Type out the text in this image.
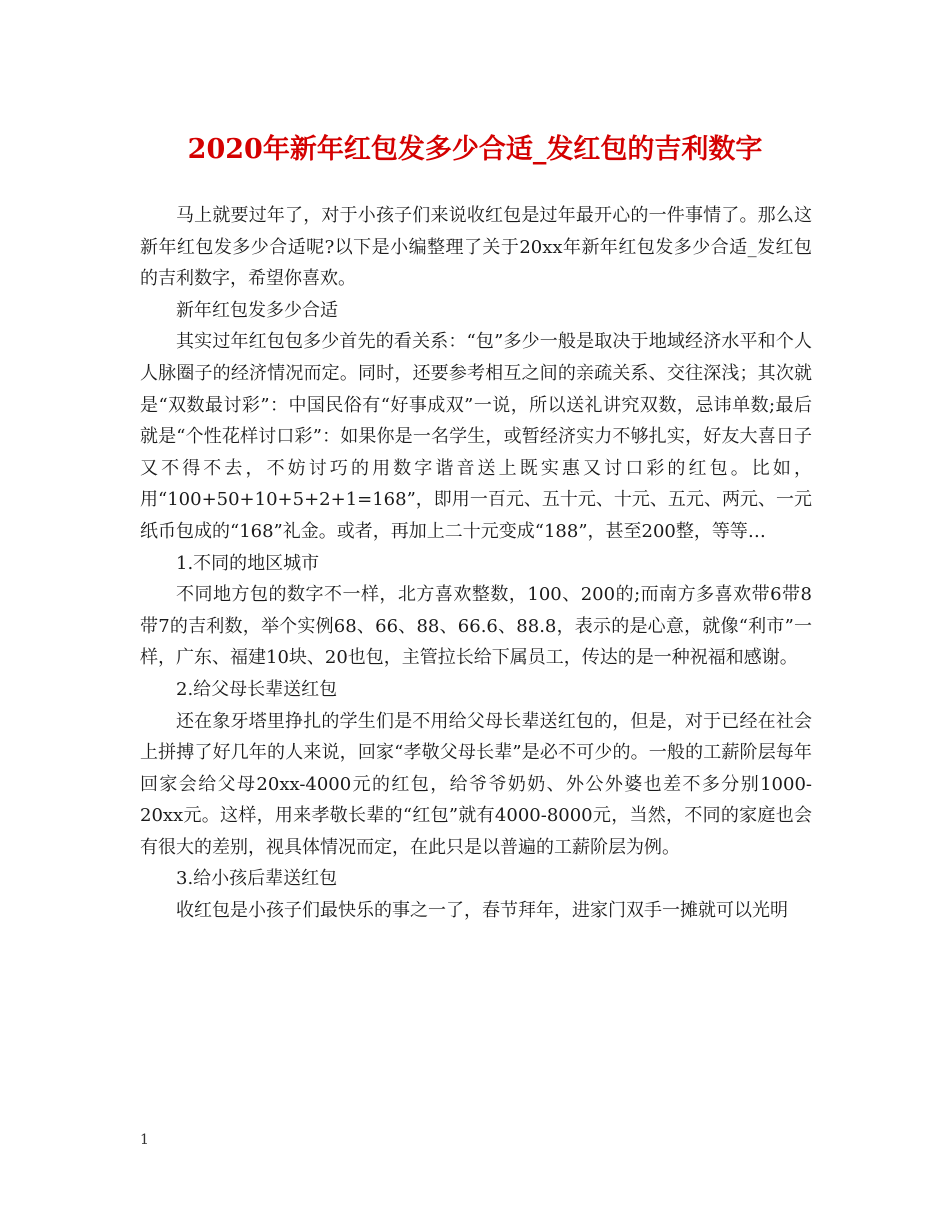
2020年新年红包发多少合适_发红包的吉利数字

马上就要过年了，对于小孩子们来说收红包是过年最开心的一件事情了。那么这新年红包发多少合适呢?以下是小编整理了关于20xx年新年红包发多少合适_发红包的吉利数字，希望你喜欢。

新年红包发多少合适

其实过年红包包多少首先的看关系：“包”多少一般是取决于地域经济水平和个人人脉圈子的经济情况而定。同时，还要参考相互之间的亲疏关系、交往深浅；其次就是“双数最讨彩”：中国民俗有“好事成双”一说，所以送礼讲究双数，忌讳单数;最后就是“个性花样讨口彩”：如果你是一名学生，或暂经济实力不够扎实，好友大喜日子又不得不去，不妨讨巧的用数字谐音送上既实惠又讨口彩的红包。比如，用“100+50+10+5+2+1=168”，即用一百元、五十元、十元、五元、两元、一元纸币包成的“168”礼金。或者，再加上二十元变成“188”，甚至200整，等等…

1.不同的地区城市

不同地方包的数字不一样，北方喜欢整数，100、200的;而南方多喜欢带6带8带7的吉利数，举个实例68、66、88、66.6、88.8，表示的是心意，就像“利市”一样，广东、福建10块、20也包，主管拉长给下属员工，传达的是一种祝福和感谢。

2.给父母长辈送红包

还在象牙塔里挣扎的学生们是不用给父母长辈送红包的，但是，对于已经在社会上拼搏了好几年的人来说，回家“孝敬父母长辈”是必不可少的。一般的工薪阶层每年回家会给父母20xx-4000元的红包，给爷爷奶奶、外公外婆也差不多分别1000-20xx元。这样，用来孝敬长辈的“红包”就有4000-8000元，当然，不同的家庭也会有很大的差别，视具体情况而定，在此只是以普遍的工薪阶层为例。

3.给小孩后辈送红包

收红包是小孩子们最快乐的事之一了，春节拜年，进家门双手一摊就可以光明

1
